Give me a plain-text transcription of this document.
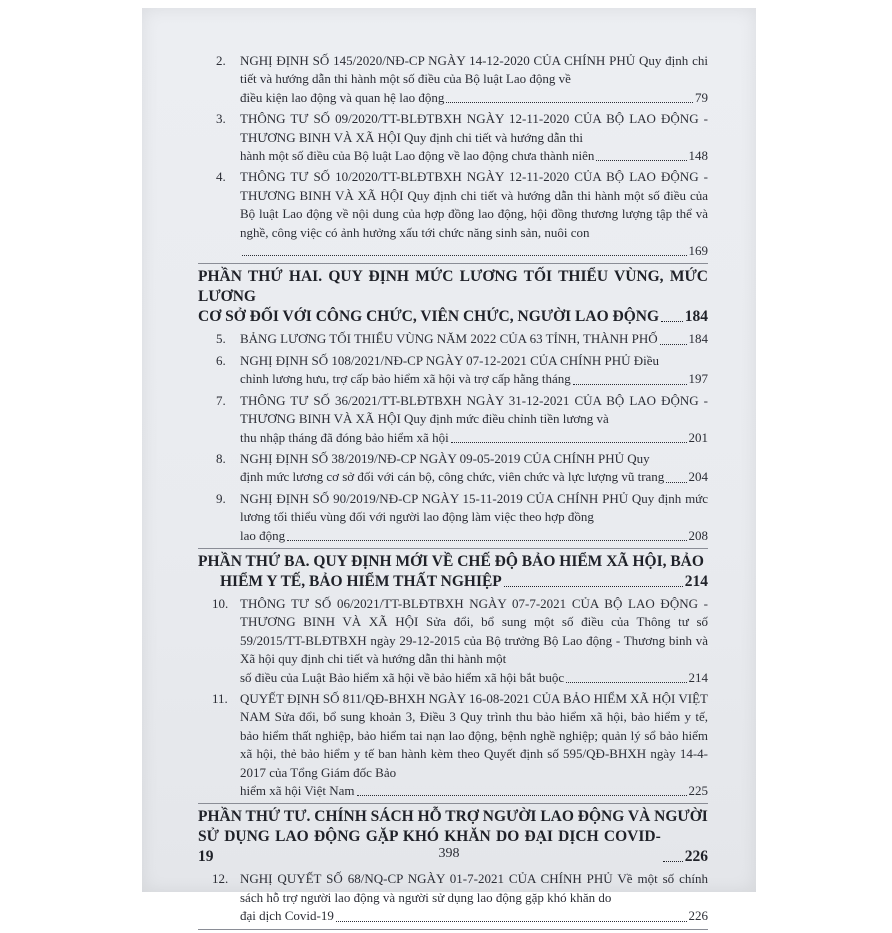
2.	NGHỊ ĐỊNH SỐ 145/2020/NĐ-CP NGÀY 14-12-2020 CỦA CHÍNH PHỦ Quy định chi tiết và hướng dẫn thi hành một số điều của Bộ luật Lao động về
điều kiện lao động và quan hệ lao động	79
3.	THÔNG TƯ SỐ 09/2020/TT-BLĐTBXH NGÀY 12-11-2020 CỦA BỘ LAO ĐỘNG - THƯƠNG BINH VÀ XÃ HỘI Quy định chi tiết và hướng dẫn thi
hành một số điều của Bộ luật Lao động về lao động chưa thành niên	148
4.	THÔNG TƯ SỐ 10/2020/TT-BLĐTBXH NGÀY 12-11-2020 CỦA BỘ LAO ĐỘNG - THƯƠNG BINH VÀ XÃ HỘI Quy định chi tiết và hướng dẫn thi hành một số điều của Bộ luật Lao động về nội dung của hợp đồng lao động, hội đồng thương lượng tập thể và nghề, công việc có ảnh hưởng xấu tới chức năng sinh sản, nuôi con
169
PHẦN THỨ HAI. QUY ĐỊNH MỨC LƯƠNG TỐI THIỂU VÙNG, MỨC LƯƠNG
CƠ SỞ ĐỐI VỚI CÔNG CHỨC, VIÊN CHỨC, NGƯỜI LAO ĐỘNG 184
5.	BẢNG LƯƠNG TỐI THIỂU VÙNG NĂM 2022 CỦA 63 TỈNH, THÀNH PHỐ 184
6.	NGHỊ ĐỊNH SỐ 108/2021/NĐ-CP NGÀY 07-12-2021 CỦA CHÍNH PHỦ Điều
chỉnh lương hưu, trợ cấp bảo hiểm xã hội và trợ cấp hằng tháng	197
7.	THÔNG TƯ SỐ 36/2021/TT-BLĐTBXH NGÀY 31-12-2021 CỦA BỘ LAO ĐỘNG - THƯƠNG BINH VÀ XÃ HỘI Quy định mức điều chỉnh tiền lương và
thu nhập tháng đã đóng bảo hiểm xã hội	201
8.	NGHỊ ĐỊNH SỐ 38/2019/NĐ-CP NGÀY 09-05-2019 CỦA CHÍNH PHỦ Quy
định mức lương cơ sở đối với cán bộ, công chức, viên chức và lực lượng vũ trang 204
9.	NGHỊ ĐỊNH SỐ 90/2019/NĐ-CP NGÀY 15-11-2019 CỦA CHÍNH PHỦ Quy định mức lương tối thiểu vùng đối với người lao động làm việc theo hợp đồng
lao động	208
PHẦN THỨ BA. QUY ĐỊNH MỚI VỀ CHẾ ĐỘ BẢO HIỂM XÃ HỘI, BẢO
HIỂM Y TẾ, BẢO HIỂM THẤT NGHIỆP	214
10. THÔNG TƯ SỐ 06/2021/TT-BLĐTBXH NGÀY 07-7-2021 CỦA BỘ LAO ĐỘNG - THƯƠNG BINH VÀ XÃ HỘI Sửa đổi, bổ sung một số điều của Thông tư số 59/2015/TT-BLĐTBXH ngày 29-12-2015 của Bộ trưởng Bộ Lao động - Thương binh và Xã hội quy định chi tiết và hướng dẫn thi hành một
số điều của Luật Bảo hiểm xã hội về bảo hiểm xã hội bắt buộc	214
11. QUYẾT ĐỊNH SỐ 811/QĐ-BHXH NGÀY 16-08-2021 CỦA BẢO HIỂM XÃ HỘI VIỆT NAM Sửa đổi, bổ sung khoản 3, Điều 3 Quy trình thu bảo hiểm xã hội, bảo hiểm y tế, bảo hiểm thất nghiệp, bảo hiểm tai nạn lao động, bệnh nghề nghiệp; quản lý sổ bảo hiểm xã hội, thẻ bảo hiểm y tế ban hành kèm theo Quyết định số 595/QĐ-BHXH ngày 14-4-2017 của Tổng Giám đốc Bảo
hiểm xã hội Việt Nam	225
PHẦN THỨ TƯ. CHÍNH SÁCH HỖ TRỢ NGƯỜI LAO ĐỘNG VÀ NGƯỜI
SỬ DỤNG LAO ĐỘNG GẶP KHÓ KHĂN DO ĐẠI DỊCH COVID-19	226
12. NGHỊ QUYẾT SỐ 68/NQ-CP NGÀY 01-7-2021 CỦA CHÍNH PHỦ Về một số chính sách hỗ trợ người lao động và người sử dụng lao động gặp khó khăn do
đại dịch Covid-19	226
398
